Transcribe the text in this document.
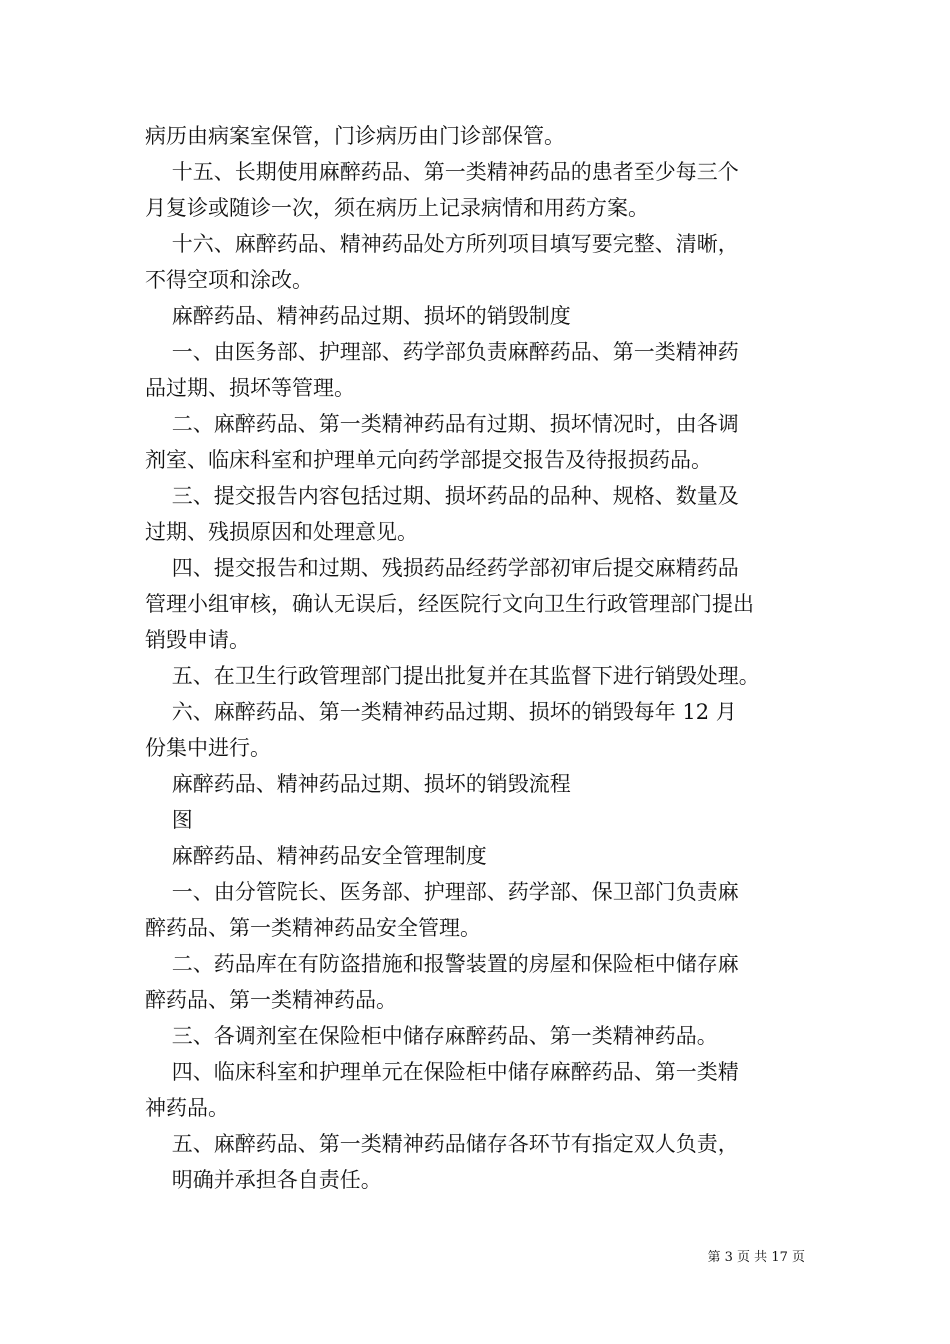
病历由病案室保管，门诊病历由门诊部保管。

十五、长期使用麻醉药品、第一类精神药品的患者至少每三个

月复诊或随诊一次，须在病历上记录病情和用药方案。

十六、麻醉药品、精神药品处方所列项目填写要完整、清晰，

不得空项和涂改。

麻醉药品、精神药品过期、损坏的销毁制度

一、由医务部、护理部、药学部负责麻醉药品、第一类精神药

品过期、损坏等管理。

二、麻醉药品、第一类精神药品有过期、损坏情况时，由各调

剂室、临床科室和护理单元向药学部提交报告及待报损药品。

三、提交报告内容包括过期、损坏药品的品种、规格、数量及

过期、残损原因和处理意见。

四、提交报告和过期、残损药品经药学部初审后提交麻精药品

管理小组审核，确认无误后，经医院行文向卫生行政管理部门提出

销毁申请。

五、在卫生行政管理部门提出批复并在其监督下进行销毁处理。

六、麻醉药品、第一类精神药品过期、损坏的销毁每年 12 月

份集中进行。

麻醉药品、精神药品过期、损坏的销毁流程

图

麻醉药品、精神药品安全管理制度

一、由分管院长、医务部、护理部、药学部、保卫部门负责麻

醉药品、第一类精神药品安全管理。

二、药品库在有防盗措施和报警装置的房屋和保险柜中储存麻

醉药品、第一类精神药品。

三、各调剂室在保险柜中储存麻醉药品、第一类精神药品。

四、临床科室和护理单元在保险柜中储存麻醉药品、第一类精

神药品。

五、麻醉药品、第一类精神药品储存各环节有指定双人负责，

明确并承担各自责任。

第 3 页 共 17 页
